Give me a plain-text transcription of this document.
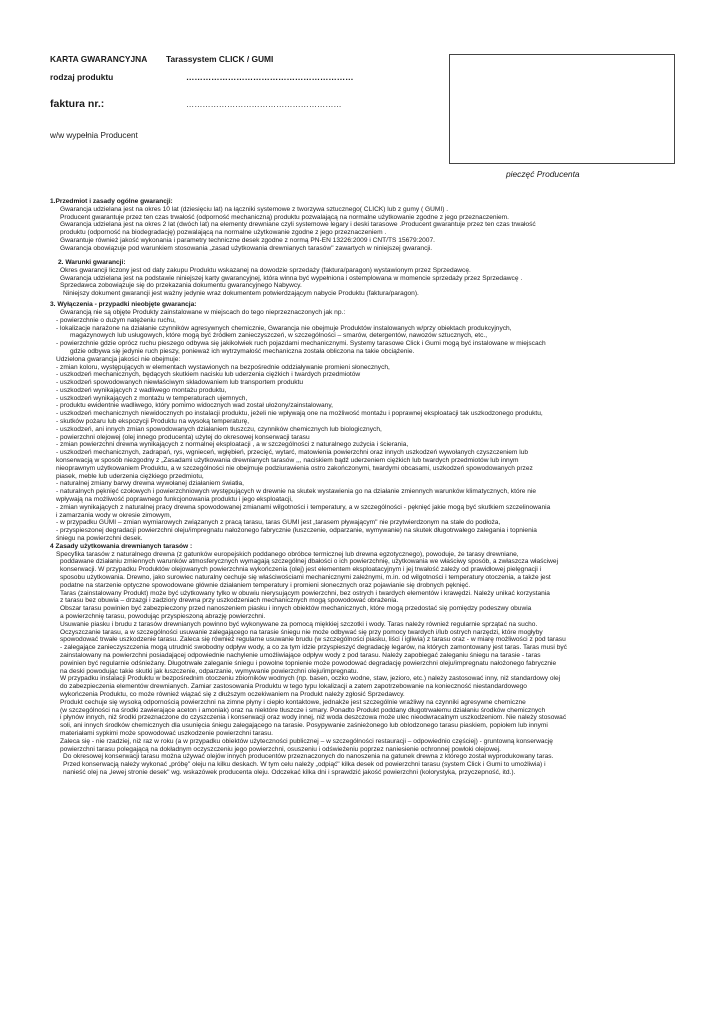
KARTA GWARANCYJNA Tarassystem CLICK / GUMI
rodzaj produktu	……………………………………………………
faktura nr.:	…………………………………………………
w/w wypełnia Producent
pieczęć Producenta
1.Przedmiot i zasady ogólne gwarancji:
Gwarancja udzielana jest na okres 10 lat (dziesięciu lat) na łączniki systemowe z tworzywa sztucznego( CLICK) lub z gumy ( GUMI) .
Producent gwarantuje przez ten czas trwałość (odporność mechaniczną) produktu pozwalającą na normalne użytkowanie zgodne z jego przeznaczeniem.
Gwarancja udzielana jest na okres 2 lat (dwóch lat) na elementy drewniane czyli systemowe legary i deski tarasowe .Producent gwarantuje przez ten czas trwałość
produktu (odporność na biodegradację) pozwalającą na normalne użytkowanie zgodne z jego przeznaczeniem .
Gwarantuje również jakość wykonania i parametry techniczne desek zgodne z normą PN-EN 13226:2009 i CNT/TS 15679:2007.
Gwarancja obowiązuje pod warunkiem stosowania „zasad użytkowania drewnianych tarasów" zawartych w niniejszej gwarancji.
2. Warunki gwarancji:
Okres gwarancji liczony jest od daty zakupu Produktu wskazanej na dowodzie sprzedaży (faktura/paragon) wystawionym przez Sprzedawcę.
Gwarancja udzielana jest na podstawie niniejszej karty gwarancyjnej, która winna być wypełniona i ostemplowana w momencie sprzedaży przez Sprzedawcę .
Sprzedawca zobowiązuje się do przekazania dokumentu gwarancyjnego Nabywcy.
Niniejszy dokument gwarancji jest ważny jedynie wraz dokumentem potwierdzającym nabycie Produktu (faktura/paragon).
3. Wyłączenia - przypadki nieobjęte gwarancja:
Gwarancją nie są objęte Produkty zainstalowane w miejscach do tego nieprzeznaczonych jak np.:
- powierzchnie o dużym natężeniu ruchu,
- lokalizacje narażone na działanie czynników agresywnych chemicznie, Gwarancja nie obejmuje Produktów instalowanych w/przy obiektach produkcyjnych,
magazynowych lub usługowych, które mogą być źródłem zanieczyszczeń, w szczególności – smarów, detergentów, nawozów sztucznych, etc.,
- powierzchnie gdzie oprócz ruchu pieszego odbywa się jakikolwiek ruch pojazdami mechanicznymi. Systemy tarasowe Click i Gumi mogą być instalowane w miejscach
gdzie odbywa się jedynie ruch pieszy, ponieważ ich wytrzymałość mechaniczna została obliczona na takie obciążenie.
Udzielona gwarancja jakości nie obejmuje:
- zmian koloru, występujących w elementach wystawionych na bezpośrednie oddziaływanie promieni słonecznych,
- uszkodzeń mechanicznych, będących skutkiem nacisku lub uderzenia ciężkich i twardych przedmiotów
- uszkodzeń spowodowanych niewłaściwym składowaniem lub transportem produktu
- uszkodzeń wynikających z wadliwego montażu produktu,
- uszkodzeń wynikających z montażu w temperaturach ujemnych,
- produktu ewidentnie wadliwego, który pomimo widocznych wad został ułożony/zainstalowany,
- uszkodzeń mechanicznych niewidocznych po instalacji produktu, jeżeli nie wpływają one na możliwość montażu i poprawnej eksploatacji tak uszkodzonego produktu,
- skutków pożaru lub ekspozycji Produktu na wysoką temperaturę,
- uszkodzeń, ani innych zmian spowodowanych działaniem tłuszczu, czynników chemicznych lub biologicznych,
- powierzchni olejowej (olej innego producenta) użytej do okresowej konserwacji tarasu
- zmian powierzchni drewna wynikających z normalnej eksploatacji , a w szczególności z naturalnego zużycia i ścierania,
- uszkodzeń mechanicznych, zadrapań, rys, wgnieceń, wgłębień, przecięć, wytarć, matowienia powierzchni oraz innych uszkodzeń wywołanych czyszczeniem lub
konserwacją w sposób niezgodny z „Zasadami użytkowania drewnianych tarasów ,,, naciskiem bądź uderzeniem ciężkich lub twardych przedmiotów lub innym
nieoprawnym użytkowaniem Produktu, a w szczególności nie obejmuje podziurawienia ostro zakończonymi, twardymi obcasami, uszkodzeń spowodowanych przez
piasek, meble lub uderzenia ciężkiego przedmiotu,
- naturalnej zmiany barwy drewna wywołanej działaniem światła,
- naturalnych pęknięć czołowych i powierzchniowych występujących w drewnie na skutek wystawienia go na działanie zmiennych warunków klimatycznych, które nie
wpływają na możliwość poprawnego funkcjonowania produktu i jego eksploatacji,
- zmian wynikających z naturalnej pracy drewna spowodowanej zmianami wilgotności i temperatury, a w szczególności - pęknięć jakie mogą być skutkiem szczelinowania
i zamarzania wody w okresie zimowym,
- w przypadku GUMI – zmian wymiarowych związanych z pracą tarasu, taras GUMI jest „tarasem pływającym" nie przytwierdzonym na stałe do podłoża,
- przyspieszonej degradacji powierzchni oleju/impregnatu nałożonego fabrycznie (łuszczenie, odparzanie, wymywanie) na skutek długotrwałego zalegania i topnienia
śniegu na powierzchni desek.
4 Zasady użytkowania drewnianych tarasów :
Specyfika tarasów z naturalnego drewna (z gatunków europejskich poddanego obróbce termicznej lub drewna egzotycznego), powoduje, że tarasy drewniane,
poddawane działaniu zmiennych warunków atmosferycznych wymagają szczególnej dbałości o ich powierzchnię, użytkowania we właściwy sposób, a zwłaszcza właściwej
konserwacji. W przypadku Produktów olejowanych powierzchnia wykończenia (olej) jest elementem eksploatacyjnym i jej trwałość zależy od prawidłowej pielęgnacji i
sposobu użytkowania. Drewno, jako surowiec naturalny cechuje się właściwościami mechanicznymi zależnymi, m.in. od wilgotności i temperatury otoczenia, a także jest
podatne na starzenie optyczne spowodowane głównie działaniem temperatury i promieni słonecznych oraz pojawianie się drobnych pęknięć.
Taras (zainstalowany Produkt) może być użytkowany tylko w obuwiu nierysującym powierzchni, bez ostrych i twardych elementów i krawędzi. Należy unikać korzystania
z tarasu bez obuwia – drzazgi i zadziory drewna przy uszkodzeniach mechanicznych mogą spowodować obrażenia.
Obszar tarasu powinien być zabezpieczony przed nanoszeniem piasku i innych obiektów mechanicznych, które mogą przedostać się pomiędzy podeszwy obuwia
a powierzchnię tarasu, powodując przyspieszoną abrazję powierzchni.
Usuwanie piasku i brudu z tarasów drewnianych powinno być wykonywane za pomocą miękkiej szczotki i wody. Taras należy również regularnie sprzątać na sucho.
Oczyszczanie tarasu, a w szczególności usuwanie zalegającego na tarasie śniegu nie może odbywać się przy pomocy twardych i/lub ostrych narzędzi, które mogłyby
spowodować trwałe uszkodzenie tarasu. Zaleca się również regularne usuwanie brudu (w szczególności piasku, liści i igliwia) z tarasu oraz - w miarę możliwości z pod tarasu
- zalegające zanieczyszczenia mogą utrudnić swobodny odpływ wody, a co za tym idzie przyspieszyć degradację legarów, na których zamontowany jest taras. Taras musi być
zainstalowany na powierzchni posiadającej odpowiednie nachylenie umożliwiające odpływ wody z pod tarasu. Należy zapobiegać zaleganiu śniegu na tarasie - taras
powinien być regularnie odśnieżany. Długotrwałe zaleganie śniegu i powolne topnienie może powodować degradację powierzchni oleju/impregnatu nałożonego fabrycznie
na deski powodując takie skutki jak łuszczenie, odparzanie, wymywanie powierzchni oleju/impregnatu.
W przypadku instalacji Produktu w bezpośrednim otoczeniu zbiorników wodnych (np. basen, oczko wodne, staw, jezioro, etc.) należy zastosować inny, niż standardowy olej
do zabezpieczenia elementów drewnianych. Zamiar zastosowania Produktu w tego typu lokalizacji a zatem zapotrzebowanie na konieczność niestandardowego
wykończenia Produktu, co może również wiązać się z dłuższym oczekiwaniem na Produkt należy zgłosić Sprzedawcy.
Produkt cechuje się wysoką odpornością powierzchni na zimne płyny i ciepło kontaktowe, jednakże jest szczególnie wrażliwy na czynniki agresywne chemiczne
(w szczególności na środki zawierające aceton i amoniak) oraz na niektóre tłuszcze i smary. Ponadto Produkt poddany długotrwałemu działaniu środków chemicznych
i płynów innych, niż środki przeznaczone do czyszczenia i konserwacji oraz wody innej, niż woda deszczowa może ulec nieodwracalnym uszkodzeniom. Nie należy stosować
soli, ani innych środków chemicznych dla usunięcia śniegu zalegającego na tarasie. Posypywanie zaśnieżonego lub oblodzonego tarasu piaskiem, popiołem lub innymi
materiałami sypkimi może spowodować uszkodzenie powierzchni tarasu.
Zaleca się - nie rzadziej, niż raz w roku (a w przypadku obiektów użyteczności publicznej – w szczególności restauracji – odpowiednio częściej) - gruntowną konserwację
powierzchni tarasu polegającą na dokładnym oczyszczeniu jego powierzchni, osuszeniu i odświeżeniu poprzez naniesienie ochronnej powłoki olejowej.
Do okresowej konserwacji tarasu można używać olejów innych producentów przeznaczonych do nanoszenia na gatunek drewna z którego został wyprodukowany taras.
Przed konserwacją należy wykonać „próbę" oleju na kilku deskach. W tym celu należy „odpiąć" kilka desek od powierzchni tarasu (system Click i Gumi to umożliwia) i
nanieść olej na „lewej stronie desek" wg. wskazówek producenta oleju. Odczekać kilka dni i sprawdzić jakość powierzchni (kolorystyka, przyczepność, itd.).
